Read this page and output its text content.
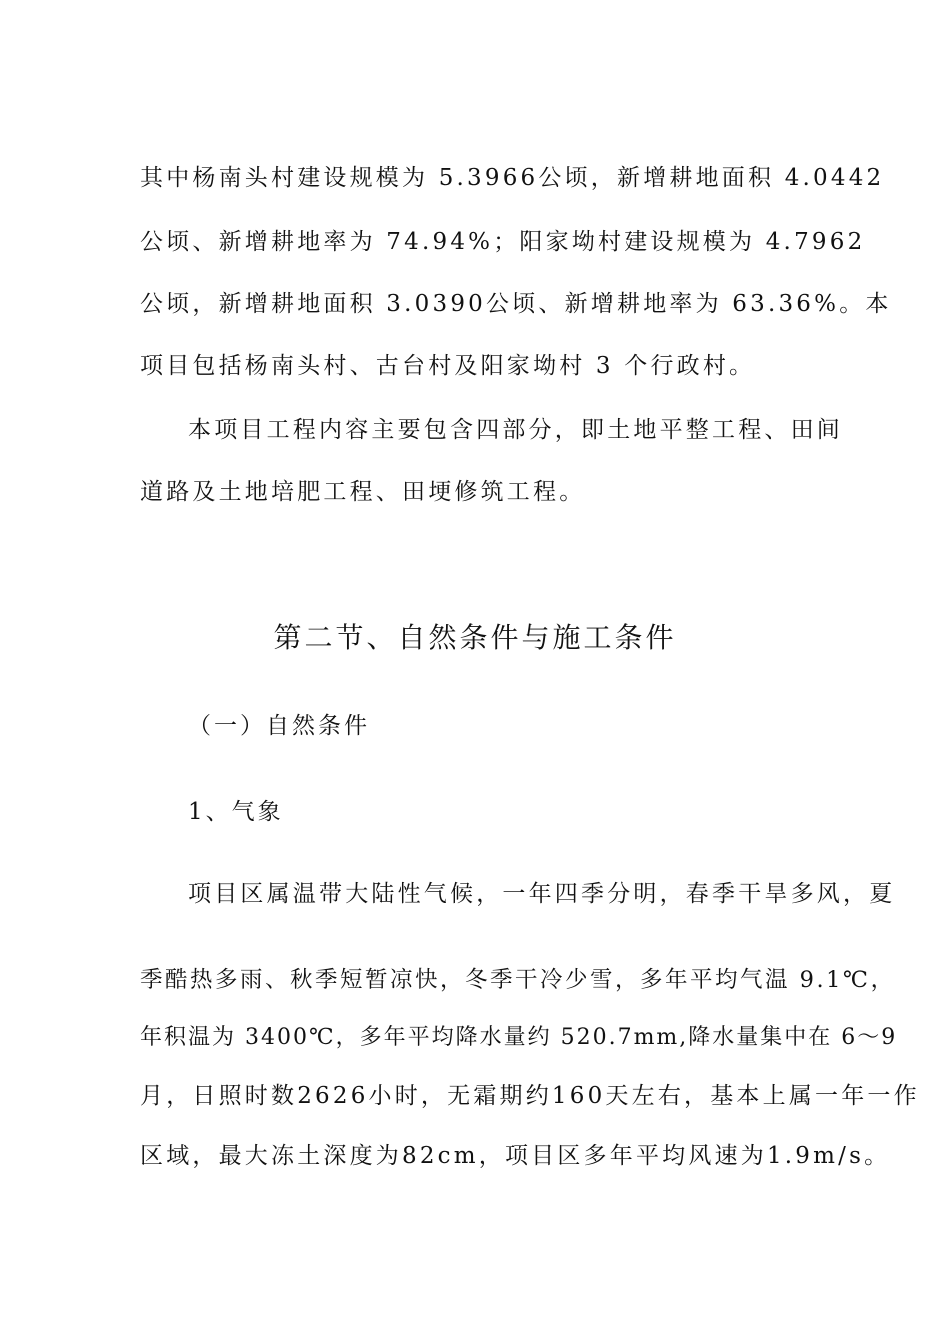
其中杨南头村建设规模为 5.3966公顷，新增耕地面积 4.0442
公顷、新增耕地率为 74.94%；阳家坳村建设规模为 4.7962
公顷，新增耕地面积 3.0390公顷、新增耕地率为 63.36%。本
项目包括杨南头村、古台村及阳家坳村 3 个行政村。
本项目工程内容主要包含四部分，即土地平整工程、田间
道路及土地培肥工程、田埂修筑工程。
第二节、自然条件与施工条件
（一）自然条件
1、气象
项目区属温带大陆性气候，一年四季分明，春季干旱多风，夏
季酷热多雨、秋季短暂凉快，冬季干冷少雪，多年平均气温 9.1℃，
年积温为 3400℃，多年平均降水量约 520.7mm,降水量集中在 6～9
月，日照时数2626小时，无霜期约160天左右，基本上属一年一作
区域，最大冻土深度为82cm，项目区多年平均风速为1.9m/s。
